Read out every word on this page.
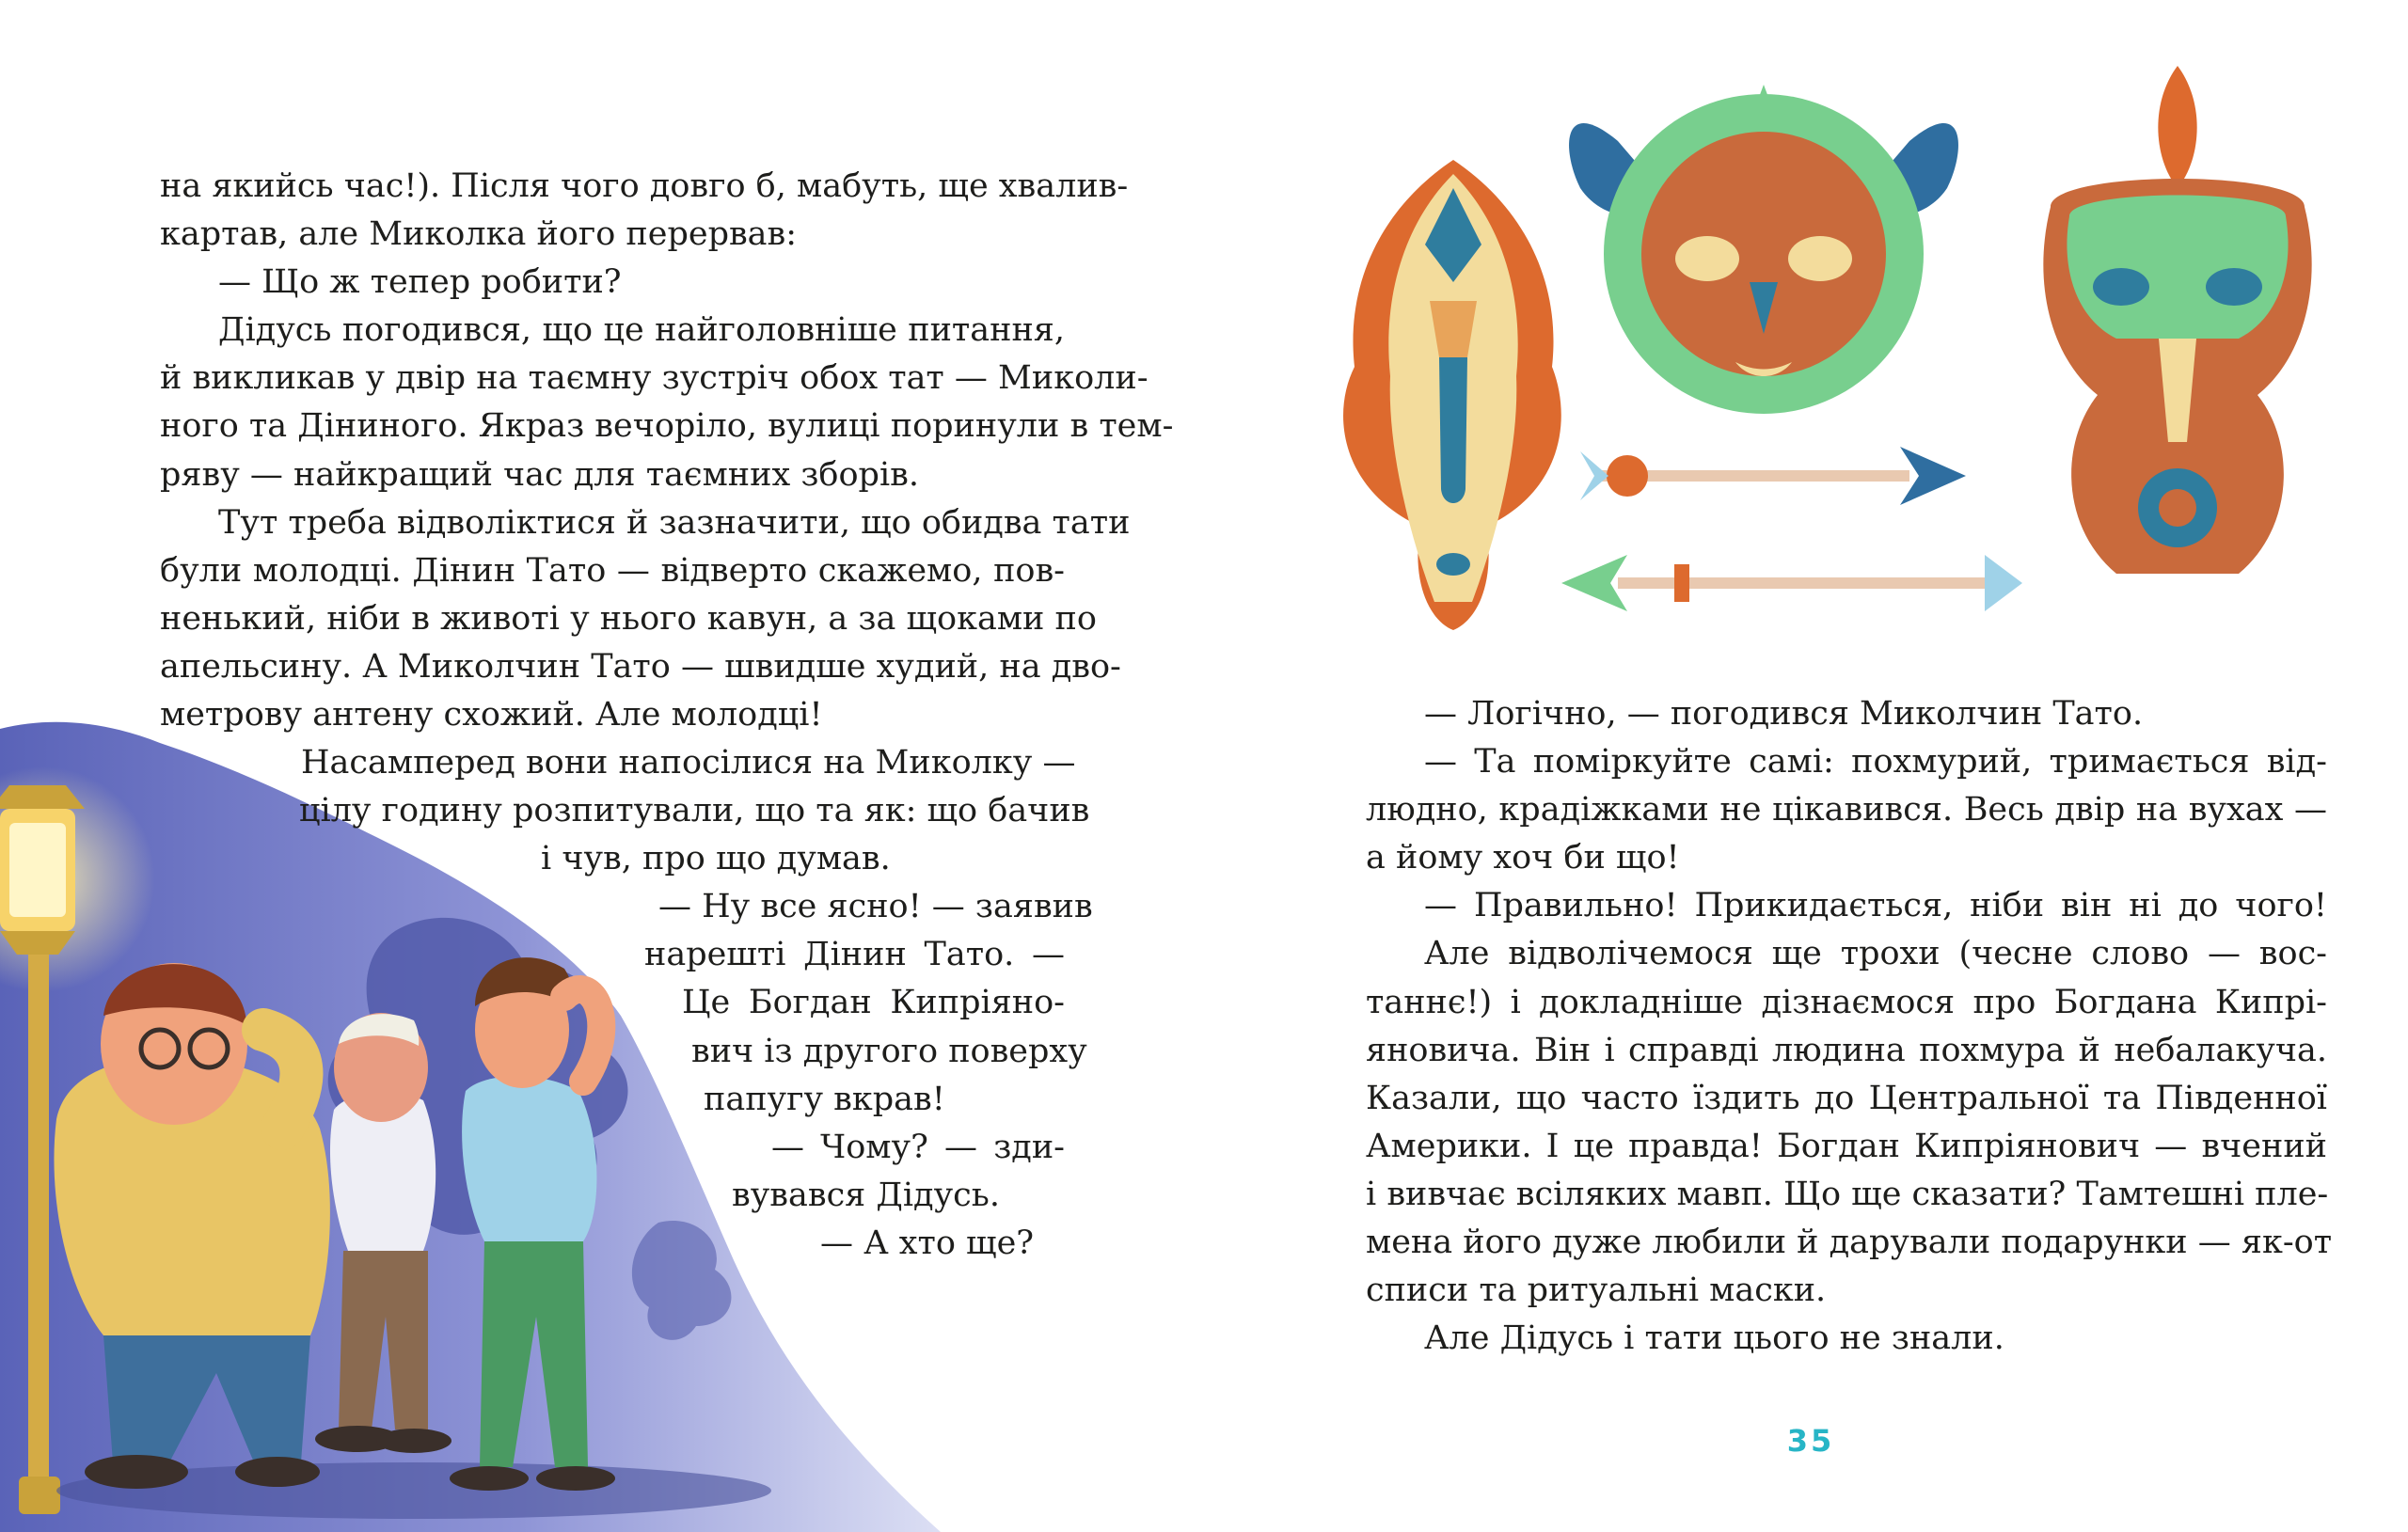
на якийсь час!). Після чого довго б, мабуть, ще хвалив-
картав, але Миколка його перервав:
— Що ж тепер робити?
Дідусь погодився, що це найголовніше питання,
й викликав у двір на таємну зустріч обох тат — Миколи-
ного та Діниного. Якраз вечоріло, вулиці поринули в тем-
ряву — найкращий час для таємних зборів.
Тут треба відволіктися й зазначити, що обидва тати
були молодці. Дінин Тато — відверто скажемо, пов-
ненький, ніби в животі у нього кавун, а за щоками по
апельсину. А Миколчин Тато — швидше худий, на дво-
метрову антену схожий. Але молодці!
Насамперед вони напосілися на Миколку —
цілу годину розпитували, що та як: що бачив
і чув, про що думав.
— Ну все ясно! — заявив
нарешті Дінин Тато. —
Це Богдан Кипріяно-
вич із другого поверху
папугу вкрав!
— Чому? — зди-
вувався Дідусь.
— А хто ще?
— Логічно, — погодився Миколчин Тато.
— Та поміркуйте самі: похмурий, тримається від-
людно, крадіжками не цікавився. Весь двір на вухах —
а йому хоч би що!
— Правильно! Прикидається, ніби він ні до чого!
Але відволічемося ще трохи (чесне слово — вос-
таннє!) і докладніше дізнаємося про Богдана Кипрі-
яновича. Він і справді людина похмура й небалакуча.
Казали, що часто їздить до Центральної та Південної
Америки. І це правда! Богдан Кипріянович — вчений
і вивчає всіляких мавп. Що ще сказати? Тамтешні пле-
мена його дуже любили й дарували подарунки — як-от
списи та ритуальні маски.
Але Дідусь і тати цього не знали.
35
